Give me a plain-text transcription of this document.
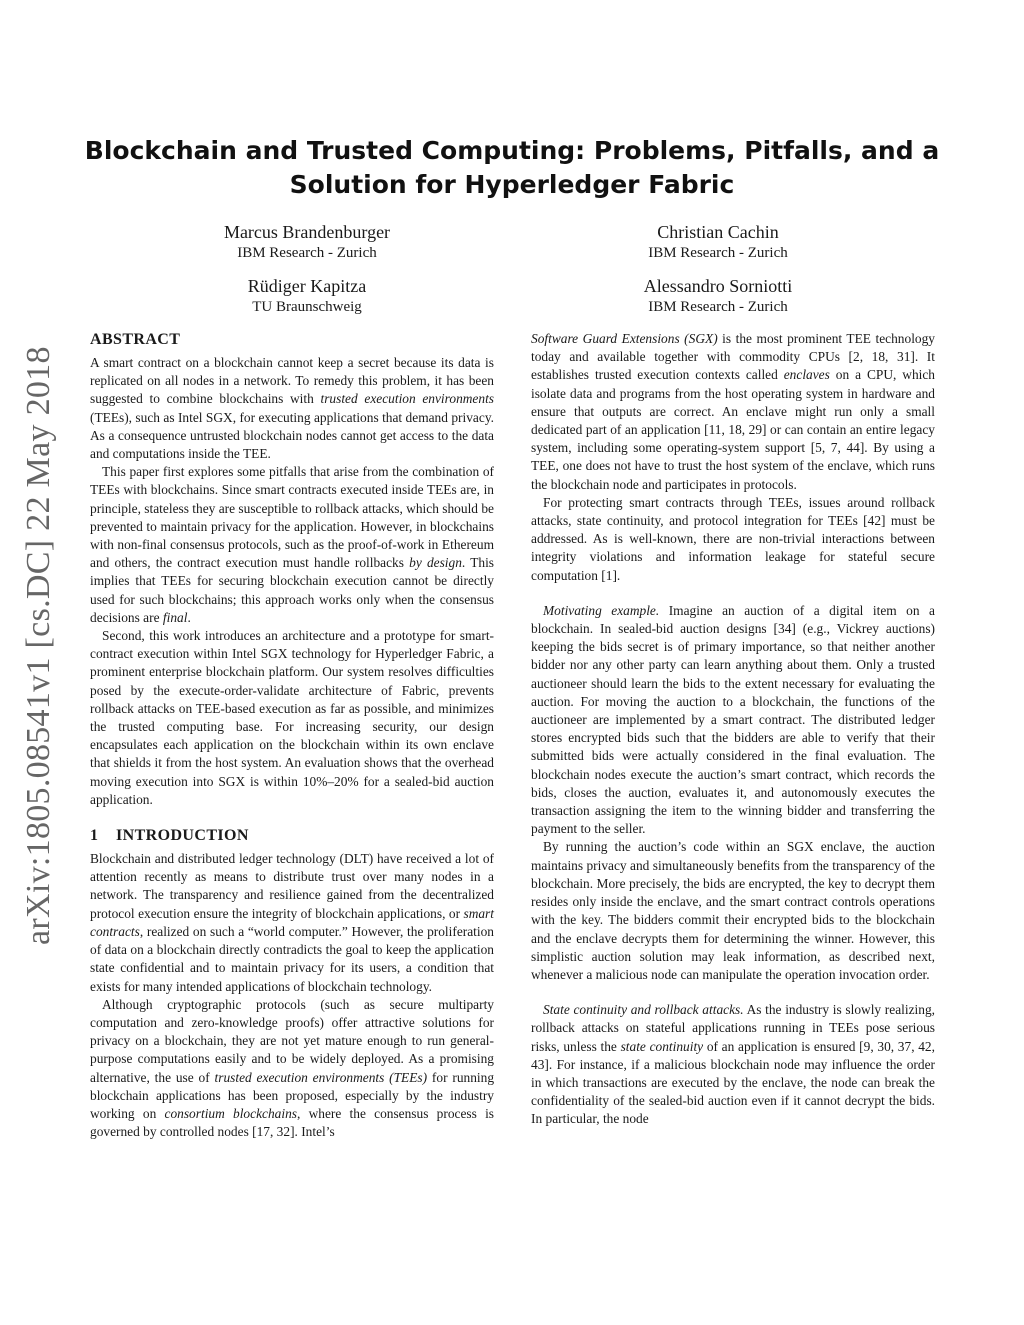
arXiv:1805.08541v1 [cs.DC] 22 May 2018
Blockchain and Trusted Computing: Problems, Pitfalls, and a
Solution for Hyperledger Fabric
Marcus Brandenburger
IBM Research - Zurich
Christian Cachin
IBM Research - Zurich
Rüdiger Kapitza
TU Braunschweig
Alessandro Sorniotti
IBM Research - Zurich
ABSTRACT

A smart contract on a blockchain cannot keep a secret because its data is replicated on all nodes in a network. To remedy this problem, it has been suggested to combine blockchains with trusted execution environments (TEEs), such as Intel SGX, for executing applications that demand privacy. As a consequence untrusted blockchain nodes cannot get access to the data and computations inside the TEE.

This paper first explores some pitfalls that arise from the combination of TEEs with blockchains. Since smart contracts executed inside TEEs are, in principle, stateless they are susceptible to rollback attacks, which should be prevented to maintain privacy for the application. However, in blockchains with non-final consensus protocols, such as the proof-of-work in Ethereum and others, the contract execution must handle rollbacks by design. This implies that TEEs for securing blockchain execution cannot be directly used for such blockchains; this approach works only when the consensus decisions are final.

Second, this work introduces an architecture and a prototype for smart-contract execution within Intel SGX technology for Hyperledger Fabric, a prominent enterprise blockchain platform. Our system resolves difficulties posed by the execute-order-validate architecture of Fabric, prevents rollback attacks on TEE-based execution as far as possible, and minimizes the trusted computing base. For increasing security, our design encapsulates each application on the blockchain within its own enclave that shields it from the host system. An evaluation shows that the overhead moving execution into SGX is within 10%–20% for a sealed-bid auction application.

1 INTRODUCTION

Blockchain and distributed ledger technology (DLT) have received a lot of attention recently as means to distribute trust over many nodes in a network. The transparency and resilience gained from the decentralized protocol execution ensure the integrity of blockchain applications, or smart contracts, realized on such a “world computer.” However, the proliferation of data on a blockchain directly contradicts the goal to keep the application state confidential and to maintain privacy for its users, a condition that exists for many intended applications of blockchain technology.

Although cryptographic protocols (such as secure multiparty computation and zero-knowledge proofs) offer attractive solutions for privacy on a blockchain, they are not yet mature enough to run general-purpose computations easily and to be widely deployed. As a promising alternative, the use of trusted execution environments (TEEs) for running blockchain applications has been proposed, especially by the industry working on consortium blockchains, where the consensus process is governed by controlled nodes [17, 32]. Intel’s

Software Guard Extensions (SGX) is the most prominent TEE technology today and available together with commodity CPUs [2, 18, 31]. It establishes trusted execution contexts called enclaves on a CPU, which isolate data and programs from the host operating system in hardware and ensure that outputs are correct. An enclave might run only a small dedicated part of an application [11, 18, 29] or can contain an entire legacy system, including some operating-system support [5, 7, 44]. By using a TEE, one does not have to trust the host system of the enclave, which runs the blockchain node and participates in protocols.

For protecting smart contracts through TEEs, issues around rollback attacks, state continuity, and protocol integration for TEEs [42] must be addressed. As is well-known, there are non-trivial interactions between integrity violations and information leakage for stateful secure computation [1].

Motivating example. Imagine an auction of a digital item on a blockchain. In sealed-bid auction designs [34] (e.g., Vickrey auctions) keeping the bids secret is of primary importance, so that neither another bidder nor any other party can learn anything about them. Only a trusted auctioneer should learn the bids to the extent necessary for evaluating the auction. For moving the auction to a blockchain, the functions of the auctioneer are implemented by a smart contract. The distributed ledger stores encrypted bids such that the bidders are able to verify that their submitted bids were actually considered in the final evaluation. The blockchain nodes execute the auction’s smart contract, which records the bids, closes the auction, evaluates it, and autonomously executes the transaction assigning the item to the winning bidder and transferring the payment to the seller.

By running the auction’s code within an SGX enclave, the auction maintains privacy and simultaneously benefits from the transparency of the blockchain. More precisely, the bids are encrypted, the key to decrypt them resides only inside the enclave, and the smart contract controls operations with the key. The bidders commit their encrypted bids to the blockchain and the enclave decrypts them for determining the winner. However, this simplistic auction solution may leak information, as described next, whenever a malicious node can manipulate the operation invocation order.

State continuity and rollback attacks. As the industry is slowly realizing, rollback attacks on stateful applications running in TEEs pose serious risks, unless the state continuity of an application is ensured [9, 30, 37, 42, 43]. For instance, if a malicious blockchain node may influence the order in which transactions are executed by the enclave, the node can break the confidentiality of the sealed-bid auction even if it cannot decrypt the bids. In particular, the node
